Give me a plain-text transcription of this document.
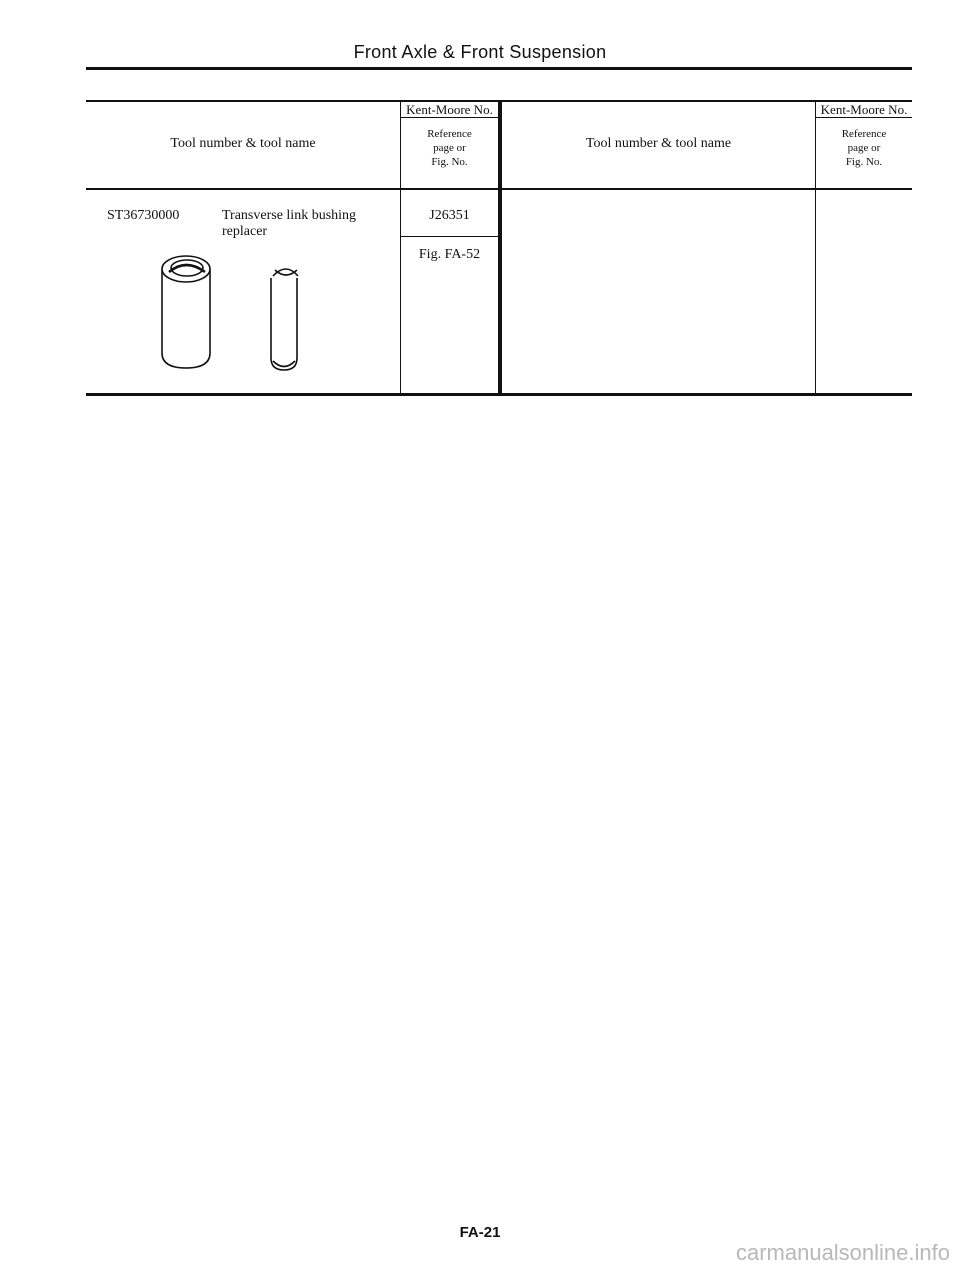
Front Axle & Front Suspension
Tool number & tool name
Kent-Moore No.
Reference
page or
Fig. No.
Tool number & tool name
Kent-Moore No.
Reference
page or
Fig. No.
ST36730000	Transverse link bushing
replacer
J26351
Fig. FA-52
FA-21
carmanualsonline.info
